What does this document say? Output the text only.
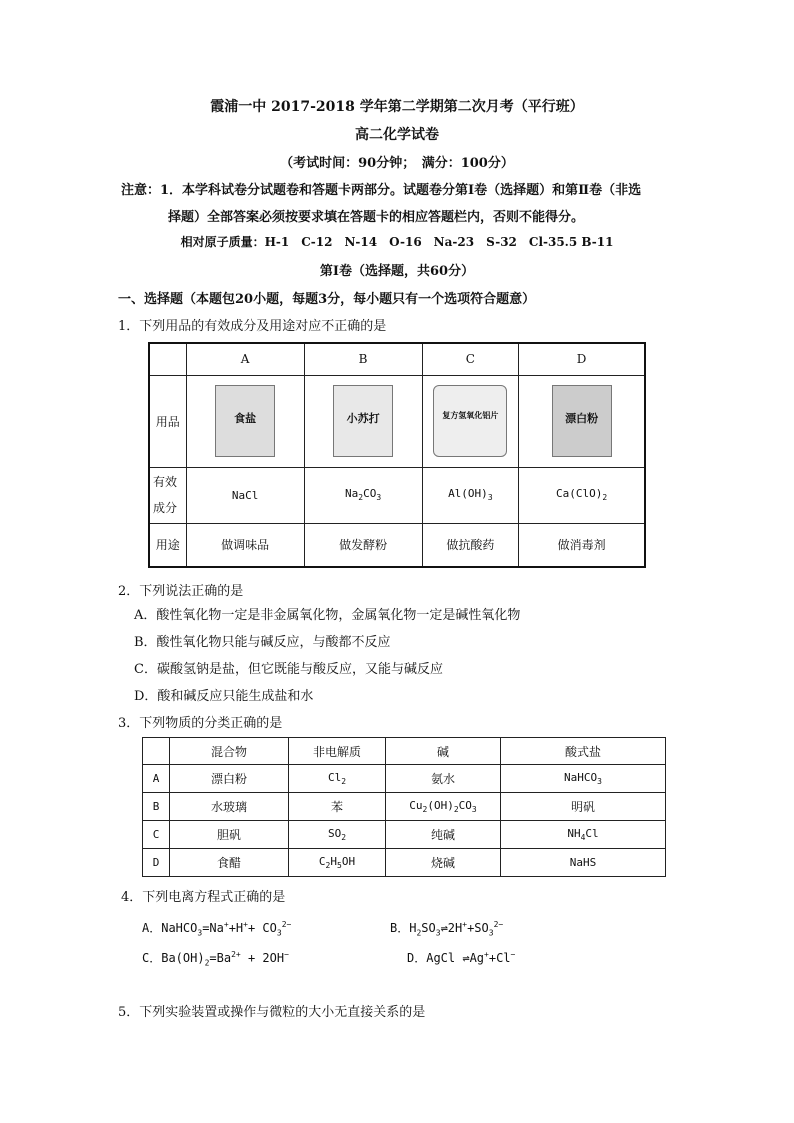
霞浦一中 2017-2018 学年第二学期第二次月考（平行班）
高二化学试卷
（考试时间：90分钟；　满分：100分）
注意：1．本学科试卷分试题卷和答题卡两部分。试题卷分第Ⅰ卷（选择题）和第Ⅱ卷（非选
择题）全部答案必须按要求填在答题卡的相应答题栏内，否则不能得分。
相对原子质量：H-1　C-12　N-14　O-16　Na-23　S-32　Cl-35.5 B-11
第Ⅰ卷（选择题，共60分）
一、选择题（本题包20小题，每题3分，每小题只有一个选项符合题意）
1．下列用品的有效成分及用途对应不正确的是
	A	B	C	D
用品	食盐	小苏打	复方氢氧化铝片	漂白粉

有效成分	NaCl	$Na_2CO_3$	$Al(OH)_3$	$Ca(ClO)_2$
用途	做调味品	做发酵粉	做抗酸药	做消毒剂
2．下列说法正确的是
A．酸性氧化物一定是非金属氧化物，金属氧化物一定是碱性氧化物
B．酸性氧化物只能与碱反应，与酸都不反应
C．碳酸氢钠是盐，但它既能与酸反应，又能与碱反应
D．酸和碱反应只能生成盐和水
3．下列物质的分类正确的是
	混合物	非电解质	碱	酸式盐
A	漂白粉	$Cl_2$	氨水	NaHCO$_3$
B	水玻璃	苯	$Cu_2(OH)_2CO_3$	明矾
C	胆矾	$SO_2$	纯碱	$NH_4Cl$
D	食醋	$C_2H_5OH$	烧碱	NaHS
4．下列电离方程式正确的是
A．NaHCO$_3$=Na++H++ $CO_3^{2-}$	B．$H_2SO_3\rightleftharpoons 2H^++SO_3^{2-}$
C．$Ba(OH)_2=Ba^{2+} + 2OH^-$	D．AgCl ⇌Ag++Cl−
5．下列实验装置或操作与微粒的大小无直接关系的是
